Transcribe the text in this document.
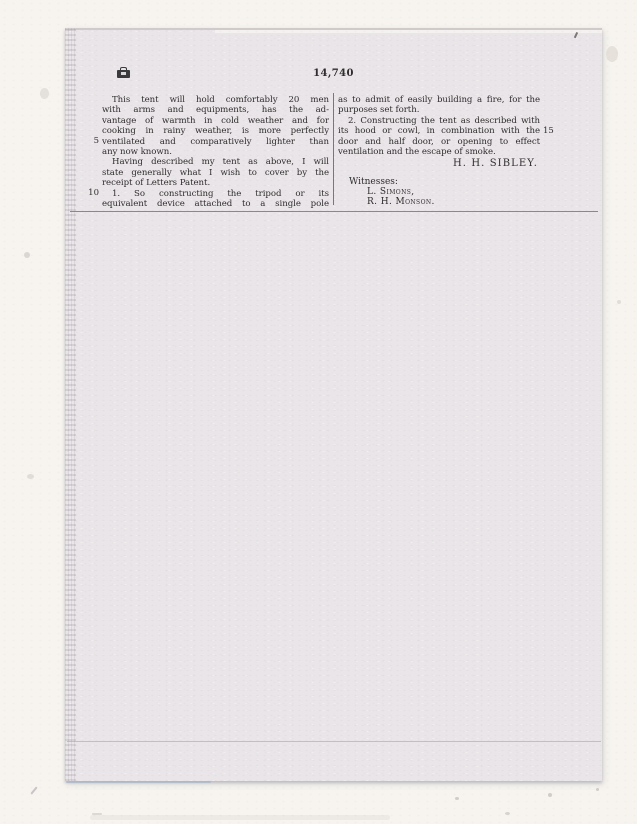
14,740
This tent will hold comfortably 20 men
with arms and equipments, has the ad-
vantage of warmth in cold weather and for
cooking in rainy weather, is more perfectly
ventilated and comparatively lighter than
any now known.
Having described my tent as above, I will
state generally what I wish to cover by the
receipt of Letters Patent.
1. So constructing the tripod or its
equivalent device attached to a single pole
as to admit of easily building a fire, for the
purposes set forth.
2. Constructing the tent as described with
its hood or cowl, in combination with the
door and half door, or opening to effect
ventilation and the escape of smoke.
5
10
15
H. H. SIBLEY.
Witnesses:
L. Simons,
R. H. Monson.
